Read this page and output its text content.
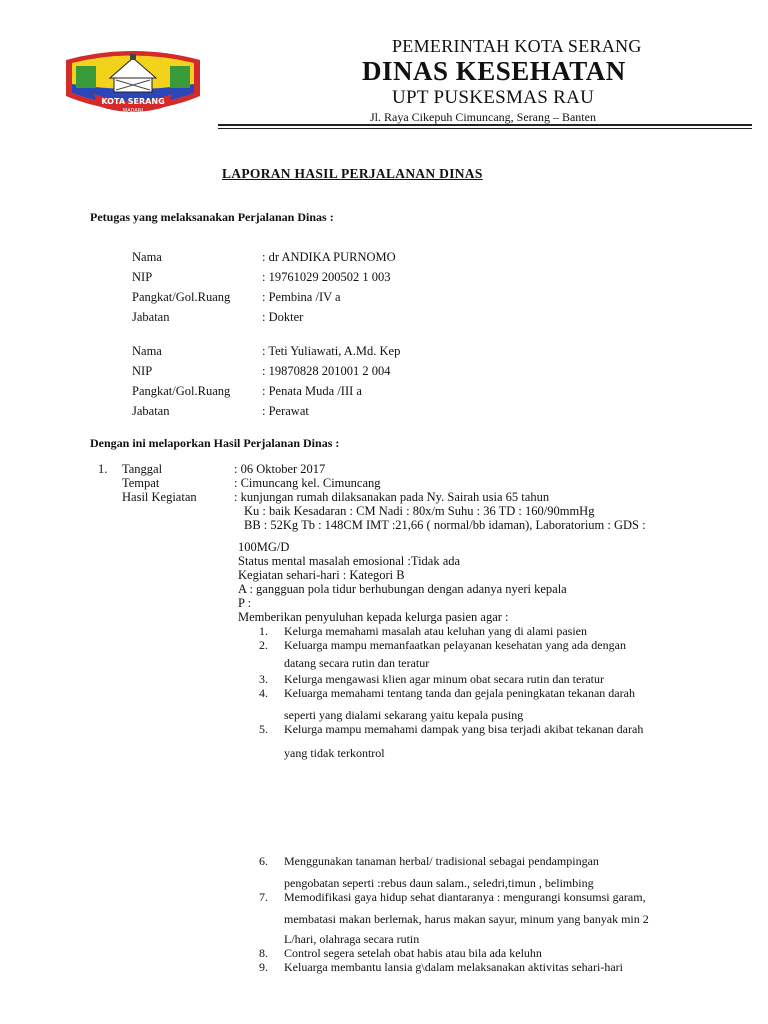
KOTA SERANG
MADANI
PEMERINTAH KOTA SERANG
DINAS KESEHATAN
UPT PUSKESMAS RAU
Jl. Raya Cikepuh Cimuncang, Serang – Banten
LAPORAN HASIL PERJALANAN DINAS
Petugas yang melaksanakan Perjalanan Dinas :
Nama	: dr ANDIKA PURNOMO
NIP	: 19761029 200502 1 003
Pangkat/Gol.Ruang	: Pembina /IV a
Jabatan	: Dokter
Nama	: Teti Yuliawati, A.Md. Kep
NIP	: 19870828 201001 2 004
Pangkat/Gol.Ruang	: Penata Muda /III a
Jabatan	: Perawat
Dengan ini melaporkan Hasil Perjalanan Dinas :
1. Tanggal	: 06 Oktober 2017
Tempat	: Cimuncang kel. Cimuncang
Hasil Kegiatan	: kunjungan rumah dilaksanakan pada Ny. Sairah usia 65 tahun
Ku : baik Kesadaran : CM Nadi : 80x/m Suhu : 36 TD : 160/90mmHg
BB : 52Kg Tb : 148CM IMT :21,66 ( normal/bb idaman), Laboratorium : GDS :
100MG/D
Status mental masalah emosional :Tidak ada
Kegiatan sehari-hari : Kategori B
A : gangguan pola tidur berhubungan dengan adanya nyeri kepala
P :
Memberikan penyuluhan kepada kelurga pasien agar :
1. Kelurga memahami masalah atau keluhan yang di alami pasien
2. Keluarga mampu memanfaatkan pelayanan kesehatan yang ada dengan
datang secara rutin dan teratur
3. Kelurga mengawasi klien agar minum obat secara rutin dan teratur
4. Keluarga memahami tentang tanda dan gejala peningkatan tekanan darah
seperti yang dialami sekarang yaitu kepala pusing
5. Kelurga mampu memahami dampak yang bisa terjadi akibat tekanan darah
yang tidak terkontrol
6. Menggunakan tanaman herbal/ tradisional sebagai pendampingan
pengobatan seperti :rebus daun salam., seledri,timun , belimbing
7. Memodifikasi gaya hidup sehat diantaranya : mengurangi konsumsi garam,
membatasi makan berlemak, harus makan sayur, minum yang banyak min 2
L/hari, olahraga secara rutin
8. Control segera setelah obat habis atau bila ada keluhn
9. Keluarga membantu lansia g\dalam melaksanakan aktivitas sehari-hari
